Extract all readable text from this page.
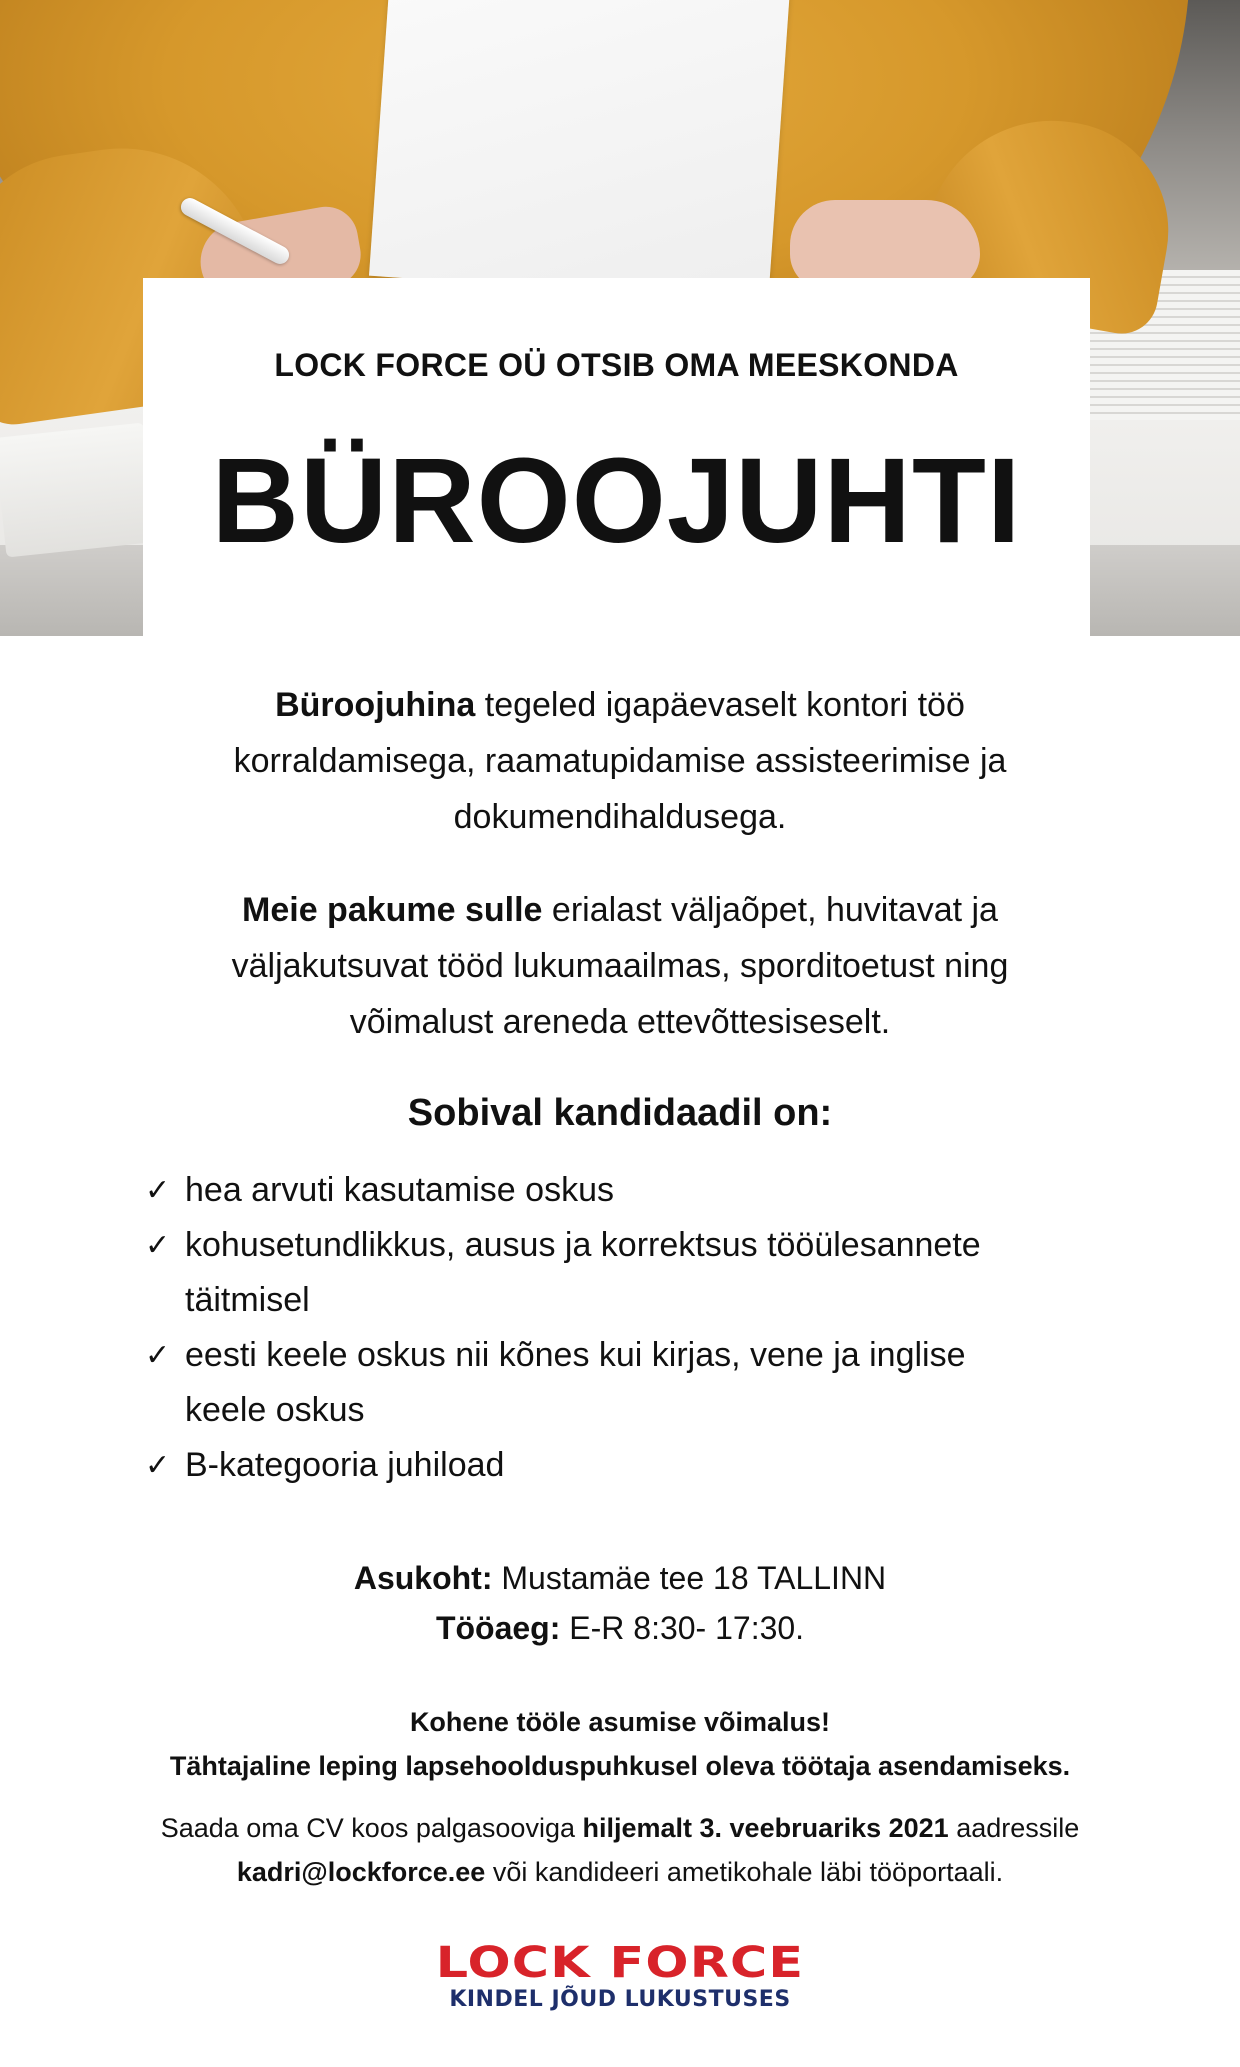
LOCK FORCE OÜ OTSIB OMA MEESKONDA
BÜROOJUHTI
Büroojuhina tegeled igapäevaselt kontori töö
korraldamisega, raamatupidamise assisteerimise ja
dokumendihaldusega.
Meie pakume sulle erialast väljaõpet, huvitavat ja
väljakutsuvat tööd lukumaailmas, sporditoetust ning
võimalust areneda ettevõttesiseselt.
Sobival kandidaadil on:
✓ hea arvuti kasutamise oskus
✓ kohusetundlikkus, ausus ja korrektsus tööülesannete
täitmisel
✓ eesti keele oskus nii kõnes kui kirjas, vene ja inglise
keele oskus
✓ B-kategooria juhiload
Asukoht: Mustamäe tee 18 TALLINN
Tööaeg: E-R 8:30- 17:30.
Kohene tööle asumise võimalus!
Tähtajaline leping lapsehoolduspuhkusel oleva töötaja asendamiseks.
Saada oma CV koos palgasooviga hiljemalt 3. veebruariks 2021 aadressile
kadri@lockforce.ee või kandideeri ametikohale läbi tööportaali.
LOCK FORCE
KINDEL JÕUD LUKUSTUSES
